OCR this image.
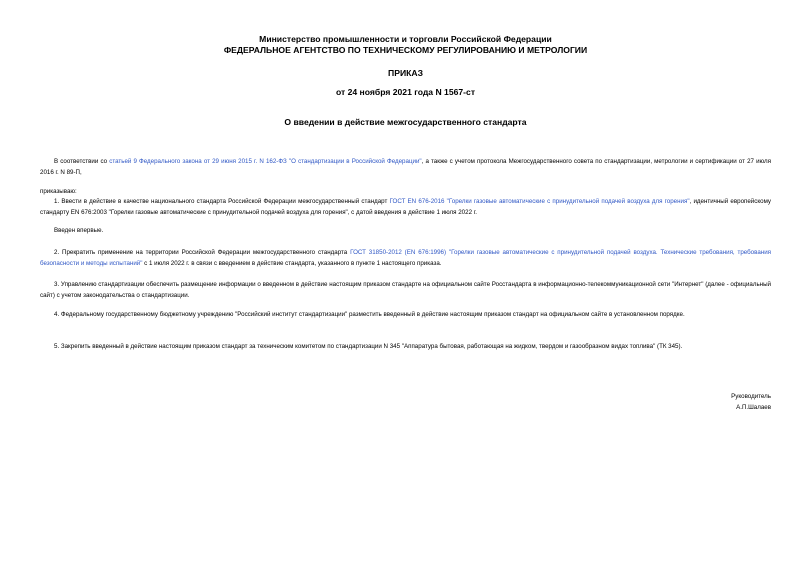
Министерство промышленности и торговли Российской Федерации
ФЕДЕРАЛЬНОЕ АГЕНТСТВО ПО ТЕХНИЧЕСКОМУ РЕГУЛИРОВАНИЮ И МЕТРОЛОГИИ
ПРИКАЗ
от 24 ноября 2021 года N 1567-ст
О введении в действие межгосударственного стандарта
В соответствии со статьей 9 Федерального закона от 29 июня 2015 г. N 162-ФЗ "О стандартизации в Российской Федерации", а также с учетом протокола Межгосударственного совета по стандартизации, метрологии и сертификации от 27 июля 2016 г. N 89-П,
приказываю:
1. Ввести в действие в качестве национального стандарта Российской Федерации межгосударственный стандарт ГОСТ EN 676-2016 "Горелки газовые автоматические с принудительной подачей воздуха для горения", идентичный европейскому стандарту EN 676:2003 "Горелки газовые автоматические с принудительной подачей воздуха для горения", с датой введения в действие 1 июля 2022 г.
Введен впервые.
2. Прекратить применение на территории Российской Федерации межгосударственного стандарта ГОСТ 31850-2012 (EN 676:1996) "Горелки газовые автоматические с принудительной подачей воздуха. Технические требования, требования безопасности и методы испытаний" с 1 июля 2022 г. в связи с введением в действие стандарта, указанного в пункте 1 настоящего приказа.
3. Управлению стандартизации обеспечить размещение информации о введенном в действие настоящим приказом стандарте на официальном сайте Росстандарта в информационно-телекоммуникационной сети "Интернет" (далее - официальный сайт) с учетом законодательства о стандартизации.
4. Федеральному государственному бюджетному учреждению "Российский институт стандартизации" разместить введенный в действие настоящим приказом стандарт на официальном сайте в установленном порядке.
5. Закрепить введенный в действие настоящим приказом стандарт за техническим комитетом по стандартизации N 345 "Аппаратура бытовая, работающая на жидком, твердом и газообразном видах топлива" (ТК 345).
Руководитель
А.П.Шалаев
